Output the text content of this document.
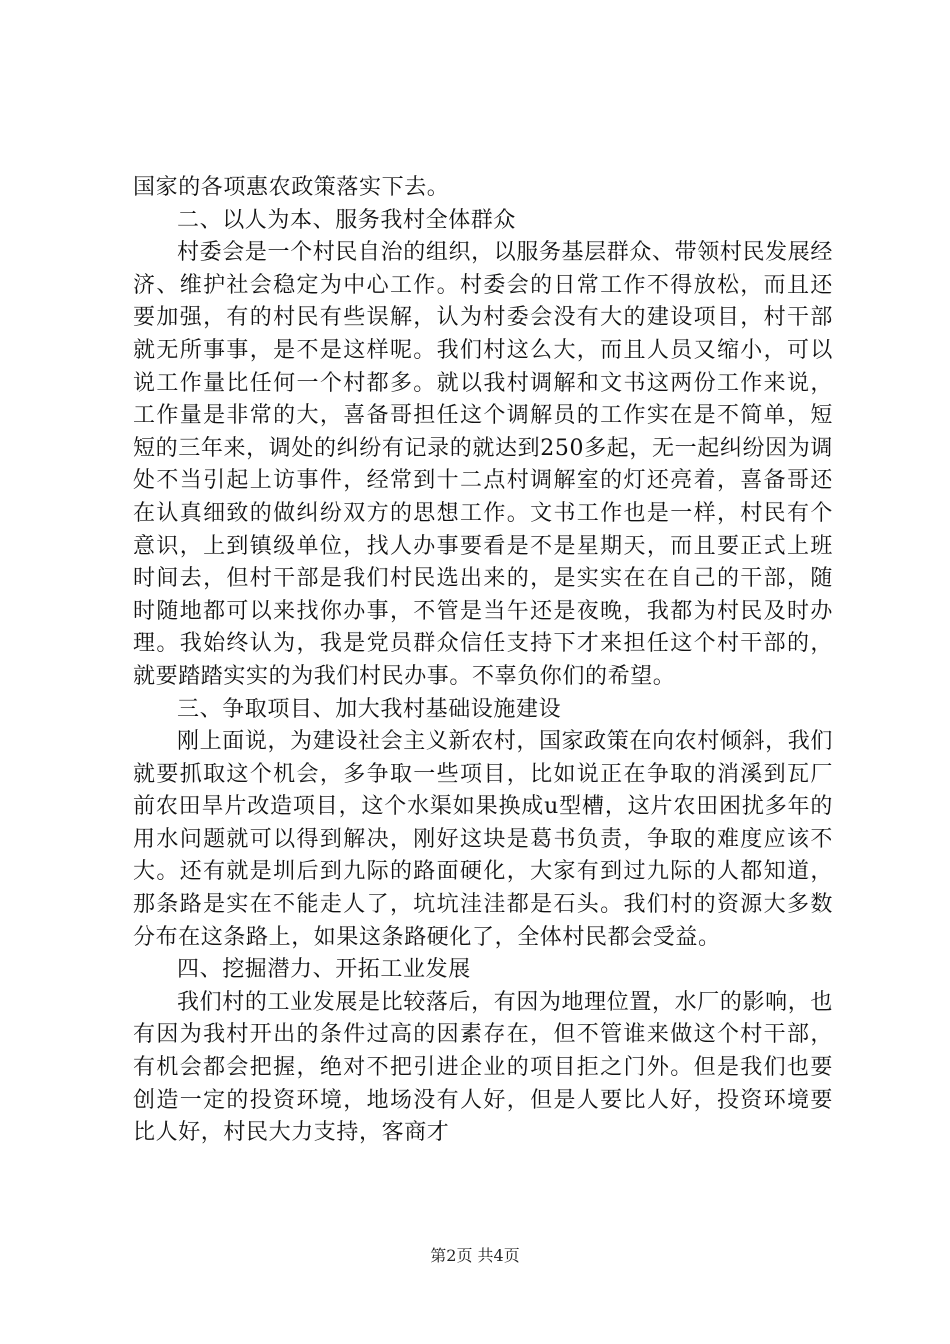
国家的各项惠农政策落实下去。

二、以人为本、服务我村全体群众

村委会是一个村民自治的组织，以服务基层群众、带领村民发展经济、维护社会稳定为中心工作。村委会的日常工作不得放松，而且还要加强，有的村民有些误解，认为村委会没有大的建设项目，村干部就无所事事，是不是这样呢。我们村这么大，而且人员又缩小，可以说工作量比任何一个村都多。就以我村调解和文书这两份工作来说，工作量是非常的大，喜备哥担任这个调解员的工作实在是不简单，短短的三年来，调处的纠纷有记录的就达到250多起，无一起纠纷因为调处不当引起上访事件，经常到十二点村调解室的灯还亮着，喜备哥还在认真细致的做纠纷双方的思想工作。文书工作也是一样，村民有个意识，上到镇级单位，找人办事要看是不是星期天，而且要正式上班时间去，但村干部是我们村民选出来的，是实实在在自己的干部，随时随地都可以来找你办事，不管是当午还是夜晚，我都为村民及时办理。我始终认为，我是党员群众信任支持下才来担任这个村干部的，就要踏踏实实的为我们村民办事。不辜负你们的希望。

三、争取项目、加大我村基础设施建设

刚上面说，为建设社会主义新农村，国家政策在向农村倾斜，我们就要抓取这个机会，多争取一些项目，比如说正在争取的消溪到瓦厂前农田旱片改造项目，这个水渠如果换成u型槽，这片农田困扰多年的用水问题就可以得到解决，刚好这块是葛书负责，争取的难度应该不大。还有就是圳后到九际的路面硬化，大家有到过九际的人都知道，那条路是实在不能走人了，坑坑洼洼都是石头。我们村的资源大多数分布在这条路上，如果这条路硬化了，全体村民都会受益。

四、挖掘潜力、开拓工业发展

我们村的工业发展是比较落后，有因为地理位置，水厂的影响，也有因为我村开出的条件过高的因素存在，但不管谁来做这个村干部，有机会都会把握，绝对不把引进企业的项目拒之门外。但是我们也要创造一定的投资环境，地场没有人好，但是人要比人好，投资环境要比人好，村民大力支持，客商才

第2页 共4页
